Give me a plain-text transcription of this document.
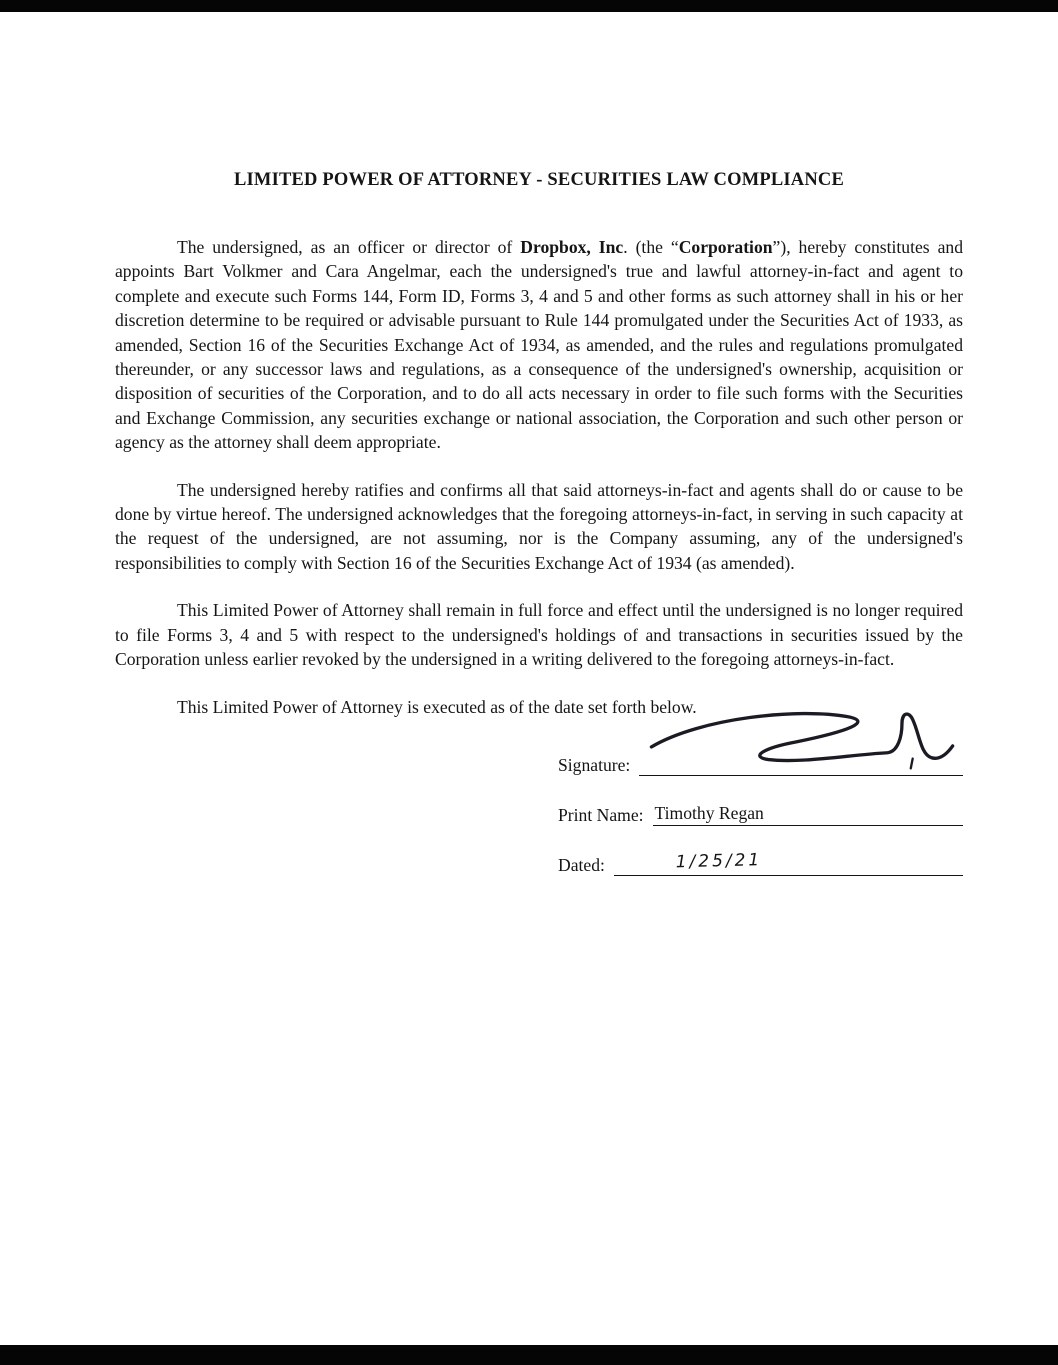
LIMITED POWER OF ATTORNEY - SECURITIES LAW COMPLIANCE

The undersigned, as an officer or director of Dropbox, Inc. (the “Corporation”), hereby constitutes and appoints Bart Volkmer and Cara Angelmar, each the undersigned's true and lawful attorney-in-fact and agent to complete and execute such Forms 144, Form ID, Forms 3, 4 and 5 and other forms as such attorney shall in his or her discretion determine to be required or advisable pursuant to Rule 144 promulgated under the Securities Act of 1933, as amended, Section 16 of the Securities Exchange Act of 1934, as amended, and the rules and regulations promulgated thereunder, or any successor laws and regulations, as a consequence of the undersigned's ownership, acquisition or disposition of securities of the Corporation, and to do all acts necessary in order to file such forms with the Securities and Exchange Commission, any securities exchange or national association, the Corporation and such other person or agency as the attorney shall deem appropriate.

The undersigned hereby ratifies and confirms all that said attorneys-in-fact and agents shall do or cause to be done by virtue hereof. The undersigned acknowledges that the foregoing attorneys-in-fact, in serving in such capacity at the request of the undersigned, are not assuming, nor is the Company assuming, any of the undersigned's responsibilities to comply with Section 16 of the Securities Exchange Act of 1934 (as amended).

This Limited Power of Attorney shall remain in full force and effect until the undersigned is no longer required to file Forms 3, 4 and 5 with respect to the undersigned's holdings of and transactions in securities issued by the Corporation unless earlier revoked by the undersigned in a writing delivered to the foregoing attorneys-in-fact.

This Limited Power of Attorney is executed as of the date set forth below.

Signature:
Print Name: Timothy Regan
Dated:	1/25/21
